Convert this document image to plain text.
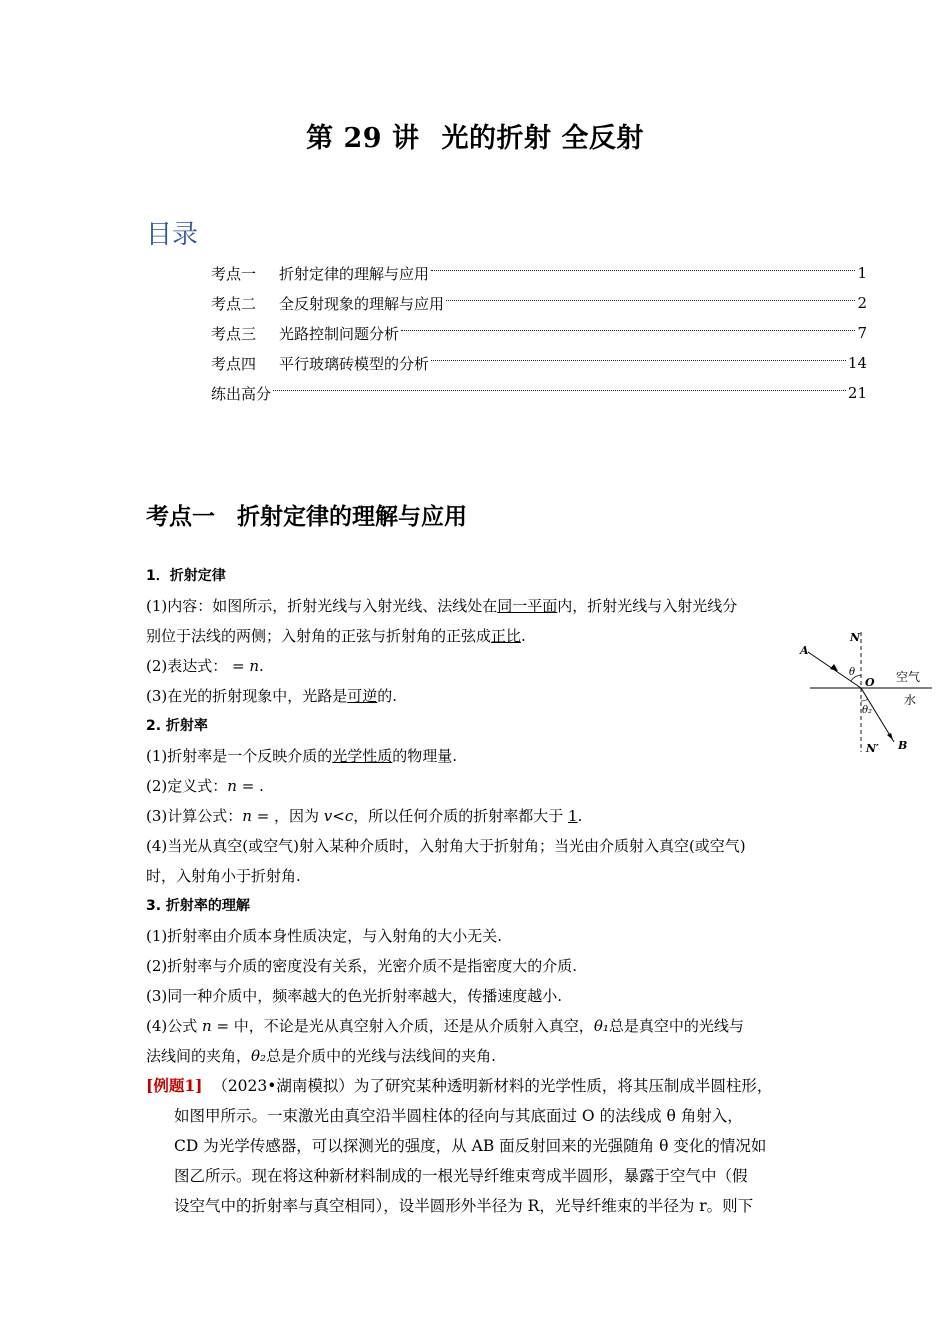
第 29 讲 光的折射 全反射
目录
考点一	折射定律的理解与应用	1
考点二	全反射现象的理解与应用	2
考点三	光路控制问题分析	7
考点四	平行玻璃砖模型的分析	14
练出高分	21
考点一 折射定律的理解与应用
N
A
θ
O 空气
水
θ₂
N′ B

1．折射定律

(1)内容：如图所示，折射光线与入射光线、法线处在同一平面内，折射光线与入射光线分

别位于法线的两侧；入射角的正弦与折射角的正弦成正比.

(2)表达式： = n.

(3)在光的折射现象中，光路是可逆的.

2. 折射率

(1)折射率是一个反映介质的光学性质的物理量.

(2)定义式：n = .

(3)计算公式：n = ，因为 v<c，所以任何介质的折射率都大于 1.

(4)当光从真空(或空气)射入某种介质时，入射角大于折射角；当光由介质射入真空(或空气)

时，入射角小于折射角.

3. 折射率的理解

(1)折射率由介质本身性质决定，与入射角的大小无关.

(2)折射率与介质的密度没有关系，光密介质不是指密度大的介质.

(3)同一种介质中，频率越大的色光折射率越大，传播速度越小.

(4)公式 n = 中，不论是光从真空射入介质，还是从介质射入真空，θ₁总是真空中的光线与

法线间的夹角，θ₂总是介质中的光线与法线间的夹角.

[例题1] （2023•湖南模拟）为了研究某种透明新材料的光学性质，将其压制成半圆柱形，

如图甲所示。一束激光由真空沿半圆柱体的径向与其底面过 O 的法线成 θ 角射入，

CD 为光学传感器，可以探测光的强度，从 AB 面反射回来的光强随角 θ 变化的情况如

图乙所示。现在将这种新材料制成的一根光导纤维束弯成半圆形，暴露于空气中（假

设空气中的折射率与真空相同），设半圆形外半径为 R，光导纤维束的半径为 r。则下
